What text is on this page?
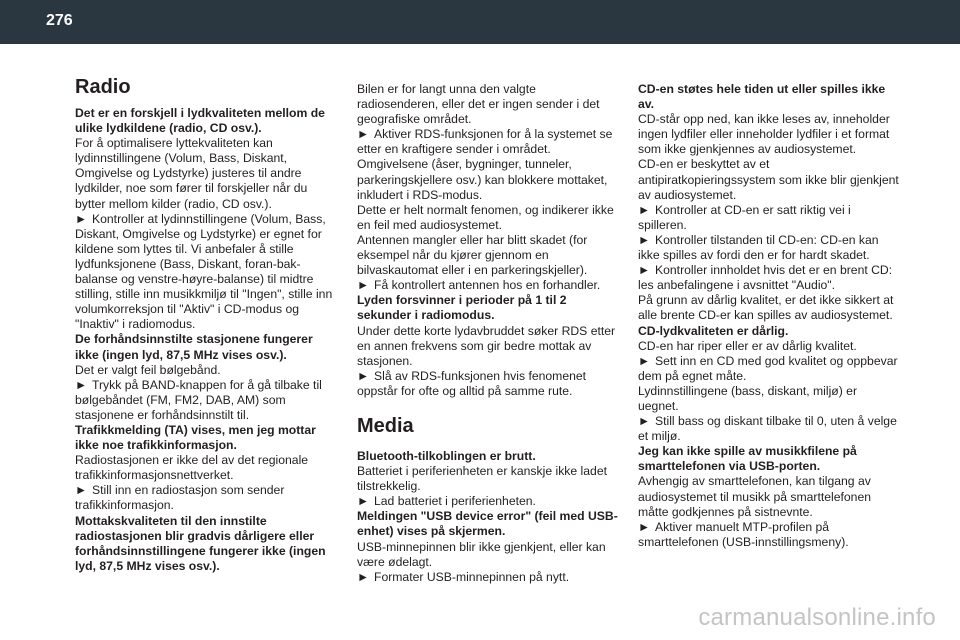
276
Radio

Det er en forskjell i lydkvaliteten mellom de ulike lydkildene (radio, CD osv.).

For å optimalisere lyttekvaliteten kan lydinnstillingene (Volum, Bass, Diskant, Omgivelse og Lydstyrke) justeres til andre lydkilder, noe som fører til forskjeller når du bytter mellom kilder (radio, CD osv.).

► Kontroller at lydinnstillingene (Volum, Bass, Diskant, Omgivelse og Lydstyrke) er egnet for kildene som lyttes til. Vi anbefaler å stille lydfunksjonene (Bass, Diskant, foran-bak-balanse og venstre-høyre-balanse) til midtre stilling, stille inn musikkmiljø til "Ingen", stille inn volumkorreksjon til "Aktiv" i CD-modus og "Inaktiv" i radiomodus.

De forhåndsinnstilte stasjonene fungerer ikke (ingen lyd, 87,5 MHz vises osv.).

Det er valgt feil bølgebånd.

► Trykk på BAND-knappen for å gå tilbake til bølgebåndet (FM, FM2, DAB, AM) som stasjonene er forhåndsinnstilt til.

Trafikkmelding (TA) vises, men jeg mottar ikke noe trafikkinformasjon.

Radiostasjonen er ikke del av det regionale trafikkinformasjonsnettverket.

► Still inn en radiostasjon som sender trafikkinformasjon.

Mottakskvaliteten til den innstilte radiostasjonen blir gradvis dårligere eller forhåndsinnstillingene fungerer ikke (ingen lyd, 87,5 MHz vises osv.).

Bilen er for langt unna den valgte radiosenderen, eller det er ingen sender i det geografiske området.

► Aktiver RDS-funksjonen for å la systemet se etter en kraftigere sender i området.

Omgivelsene (åser, bygninger, tunneler, parkeringskjellere osv.) kan blokkere mottaket, inkludert i RDS-modus.

Dette er helt normalt fenomen, og indikerer ikke en feil med audiosystemet.

Antennen mangler eller har blitt skadet (for eksempel når du kjører gjennom en bilvaskautomat eller i en parkeringskjeller).

► Få kontrollert antennen hos en forhandler.

Lyden forsvinner i perioder på 1 til 2 sekunder i radiomodus.

Under dette korte lydavbruddet søker RDS etter en annen frekvens som gir bedre mottak av stasjonen.

► Slå av RDS-funksjonen hvis fenomenet oppstår for ofte og alltid på samme rute.

Media

Bluetooth-tilkoblingen er brutt.

Batteriet i periferienheten er kanskje ikke ladet tilstrekkelig.

► Lad batteriet i periferienheten.

Meldingen "USB device error" (feil med USB-enhet) vises på skjermen.

USB-minnepinnen blir ikke gjenkjent, eller kan være ødelagt.

► Formater USB-minnepinnen på nytt.

CD-en støtes hele tiden ut eller spilles ikke av.

CD-står opp ned, kan ikke leses av, inneholder ingen lydfiler eller inneholder lydfiler i et format som ikke gjenkjennes av audiosystemet.

CD-en er beskyttet av et antipiratkopieringssystem som ikke blir gjenkjent av audiosystemet.

► Kontroller at CD-en er satt riktig vei i spilleren.

► Kontroller tilstanden til CD-en: CD-en kan ikke spilles av fordi den er for hardt skadet.

► Kontroller innholdet hvis det er en brent CD: les anbefalingene i avsnittet "Audio".

På grunn av dårlig kvalitet, er det ikke sikkert at alle brente CD-er kan spilles av audiosystemet.

CD-lydkvaliteten er dårlig.

CD-en har riper eller er av dårlig kvalitet.

► Sett inn en CD med god kvalitet og oppbevar dem på egnet måte.

Lydinnstillingene (bass, diskant, miljø) er uegnet.

► Still bass og diskant tilbake til 0, uten å velge et miljø.

Jeg kan ikke spille av musikkfilene på smarttelefonen via USB-porten.

Avhengig av smarttelefonen, kan tilgang av audiosystemet til musikk på smarttelefonen måtte godkjennes på sistnevnte.

► Aktiver manuelt MTP-profilen på smarttelefonen (USB-innstillingsmeny).

carmanualsonline.info
